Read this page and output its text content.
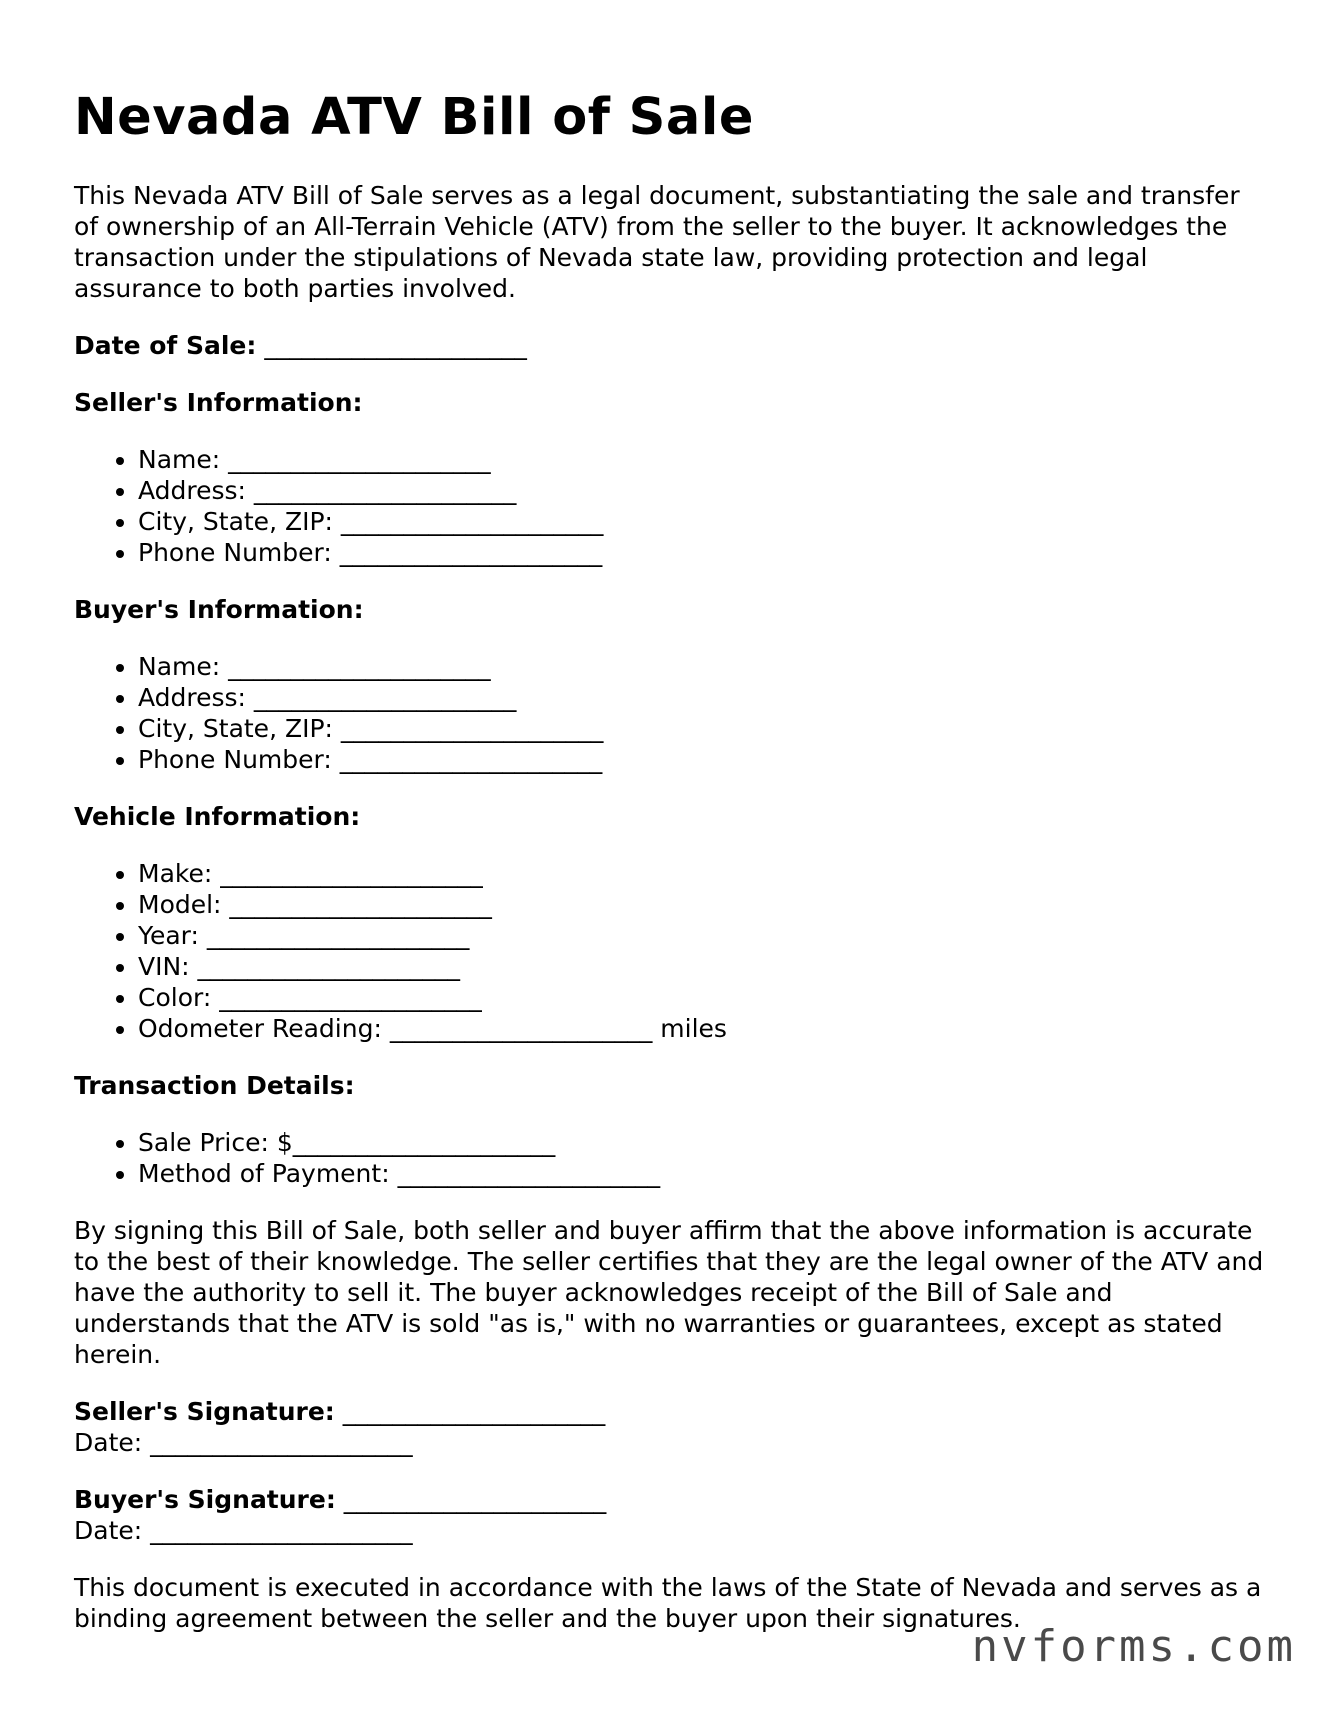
Nevada ATV Bill of Sale

This Nevada ATV Bill of Sale serves as a legal document, substantiating the sale and transfer of ownership of an All-Terrain Vehicle (ATV) from the seller to the buyer. It acknowledges the transaction under the stipulations of Nevada state law, providing protection and legal assurance to both parties involved.

Date of Sale: _____________________

Seller's Information:

• Name: _____________________
• Address: _____________________
• City, State, ZIP: _____________________
• Phone Number: _____________________

Buyer's Information:

• Name: _____________________
• Address: _____________________
• City, State, ZIP: _____________________
• Phone Number: _____________________

Vehicle Information:

• Make: _____________________
• Model: _____________________
• Year: _____________________
• VIN: _____________________
• Color: _____________________
• Odometer Reading: _____________________ miles

Transaction Details:

• Sale Price: $_____________________
• Method of Payment: _____________________

By signing this Bill of Sale, both seller and buyer affirm that the above information is accurate to the best of their knowledge. The seller certifies that they are the legal owner of the ATV and have the authority to sell it. The buyer acknowledges receipt of the Bill of Sale and understands that the ATV is sold "as is," with no warranties or guarantees, except as stated herein.

Seller's Signature: _____________________

Date: _____________________

Buyer's Signature: _____________________

Date: _____________________

This document is executed in accordance with the laws of the State of Nevada and serves as a binding agreement between the seller and the buyer upon their signatures.

nvforms.com
